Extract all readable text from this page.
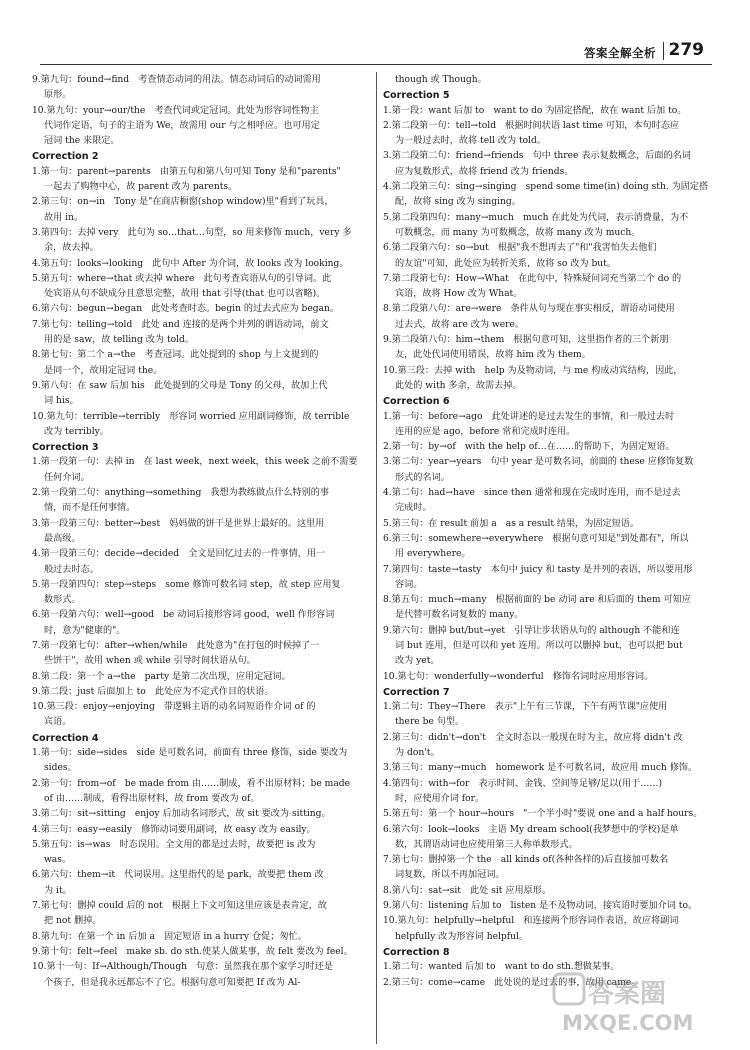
答案全解全析 279
9.第九句：found→find　考查情态动词的用法。情态动词后的动词需用
原形。
10.第九句：your→our/the　考查代词或定冠词。此处为形容词性物主
代词作定语，句子的主语为 We，故需用 our 与之相呼应。也可用定
冠词 the 来限定。
Correction 2
1.第一句：parent→parents　由第五句和第八句可知 Tony 是和"parents"
一起去了购物中心，故 parent 改为 parents。
2.第三句：on→in　Tony 是"在商店橱窗(shop window)里"看到了玩具，
故用 in。
3.第四句：去掉 very　此句为 so…that…句型，so 用来修饰 much，very 多
余，故去掉。
4.第五句：looks→looking　此句中 After 为介词，故 looks 改为 looking。
5.第五句：where→that 或去掉 where　此句考查宾语从句的引导词。此
处宾语从句不缺成分且意思完整，故用 that 引导(that 也可以省略)。
6.第六句：begun→began　此处考查时态。begin 的过去式应为 began。
7.第七句：telling→told　此处 and 连接的是两个并列的谓语动词，前文
用的是 saw，故 telling 改为 told。
8.第七句：第二个 a→the　考查冠词。此处提到的 shop 与上文提到的
是同一个，故用定冠词 the。
9.第八句：在 saw 后加 his　此处提到的父母是 Tony 的父母，故加上代
词 his。
10.第九句：terrible→terribly　形容词 worried 应用副词修饰，故 terrible
改为 terribly。
Correction 3
1.第一段第一句：去掉 in　在 last week，next week，this week 之前不需要
任何介词。
2.第一段第二句：anything→something　我想为教练做点什么特别的事
情，而不是任何事情。
3.第一段第三句：better→best　妈妈做的饼干是世界上最好的。这里用
最高级。
4.第一段第三句：decide→decided　全文是回忆过去的一件事情，用一
般过去时态。
5.第一段第四句：step→steps　some 修饰可数名词 step，故 step 应用复
数形式。
6.第一段第六句：well→good　be 动词后接形容词 good，well 作形容词
时，意为"健康的"。
7.第一段第七句：after→when/while　此处意为"在打包的时候掉了一
些饼干"，故用 when 或 while 引导时间状语从句。
8.第二段：第一个 a→the　party 是第二次出现，应用定冠词。
9.第二段：just 后面加上 to　此处应为不定式作目的状语。
10.第三段：enjoy→enjoying　带逻辑主语的动名词短语作介词 of 的
宾语。
Correction 4
1.第一句：side→sides　side 是可数名词，前面有 three 修饰，side 要改为
sides。
2.第一句：from→of　be made from 由……制成，看不出原材料；be made
of 由……制成，看得出原材料，故 from 要改为 of。
3.第二句：sit→sitting　enjoy 后加动名词形式，故 sit 要改为 sitting。
4.第三句：easy→easily　修饰动词要用副词，故 easy 改为 easily。
5.第五句：is→was　时态误用。全文用的都是过去时，故要把 is 改为
was。
6.第六句：them→it　代词误用。这里指代的是 park，故要把 them 改
为 it。
7.第七句：删掉 could 后的 not　根据上下文可知这里应该是表肯定，故
把 not 删掉。
8.第九句：在第一个 in 后加 a　固定短语 in a hurry 仓促；匆忙。
9.第十句：felt→feel　make sb. do sth.使某人做某事，故 felt 要改为 feel。
10.第十一句：If→Although/Though　句意：虽然我在那个家学习时还是
个孩子，但是我永远都忘不了它。根据句意可知要把 If 改为 Al-
though 或 Though。
Correction 5
1.第一段：want 后加 to　want to do 为固定搭配，故在 want 后加 to。
2.第二段第一句：tell→told　根据时间状语 last time 可知，本句时态应
为一般过去时，故将 tell 改为 told。
3.第二段第二句：friend→friends　句中 three 表示复数概念，后面的名词
应为复数形式，故将 friend 改为 friends。
4.第二段第三句：sing→singing　spend some time(in) doing sth. 为固定搭
配，故将 sing 改为 singing。
5.第二段第四句：many→much　much 在此处为代词，表示消费量，为不
可数概念，而 many 为可数概念，故将 many 改为 much。
6.第二段第六句：so→but　根据"我不想再去了"和"我害怕失去他们
的友谊"可知，此处应为转折关系，故将 so 改为 but。
7.第二段第七句：How→What　在此句中，特殊疑问词充当第二个 do 的
宾语，故将 How 改为 What。
8.第二段第八句：are→were　条件从句与现在事实相反，谓语动词使用
过去式，故将 are 改为 were。
9.第二段第八句：him→them　根据句意可知，这里指作者的三个新朋
友，此处代词使用错误，故将 him 改为 them。
10.第三段：去掉 with　help 为及物动词，与 me 构成动宾结构，因此，
此处的 with 多余，故需去掉。
Correction 6
1.第一句：before→ago　此处讲述的是过去发生的事情，和一般过去时
连用的应是 ago，before 常和完成时连用。
2.第一句：by→of　with the help of…在……的帮助下，为固定短语。
3.第二句：year→years　句中 year 是可数名词，前面的 these 应修饰复数
形式的名词。
4.第二句：had→have　since then 通常和现在完成时连用，而不是过去
完成时。
5.第三句：在 result 前加 a　as a result 结果，为固定短语。
6.第三句：somewhere→everywhere　根据句意可知是"到处都有"，所以
用 everywhere。
7.第四句：taste→tasty　本句中 juicy 和 tasty 是并列的表语，所以要用形
容词。
8.第五句：much→many　根据前面的 be 动词 are 和后面的 them 可知应
是代替可数名词复数的 many。
9.第六句：删掉 but/but→yet　引导让步状语从句的 although 不能和连
词 but 连用，但是可以和 yet 连用。所以可以删掉 but，也可以把 but
改为 yet。
10.第七句：wonderfully→wonderful　修饰名词时应用形容词。
Correction 7
1.第二句：They→There　表示"上午有三节课，下午有两节课"应使用
there be 句型。
2.第三句：didn't→don't　全文时态以一般现在时为主，故应将 didn't 改
为 don't。
3.第三句：many→much　homework 是不可数名词，故应用 much 修饰。
4.第四句：with→for　表示时间、金钱、空间等足够/足以(用于……)
时，应使用介词 for。
5.第五句：第一个 hour→hours　"一个半小时"要说 one and a half hours。
6.第六句：look→looks　主语 My dream school(我梦想中的学校)是单
数，其谓语动词也应使用第三人称单数形式。
7.第七句：删掉第一个 the　all kinds of(各种各样的)后直接加可数名
词复数，所以不再加冠词。
8.第八句：sat→sit　此处 sit 应用原形。
9.第八句：listening 后加 to　listen 是不及物动词，接宾语时要加介词 to。
10.第九句：helpfully→helpful　和连接两个形容词作表语，故应将副词
helpfully 改为形容词 helpful。
Correction 8
1.第二句：wanted 后加 to　want to do sth.想做某事。
2.第三句：come→came　此处说的是过去的事，故用 came。
答案圈
MXQE.COM
